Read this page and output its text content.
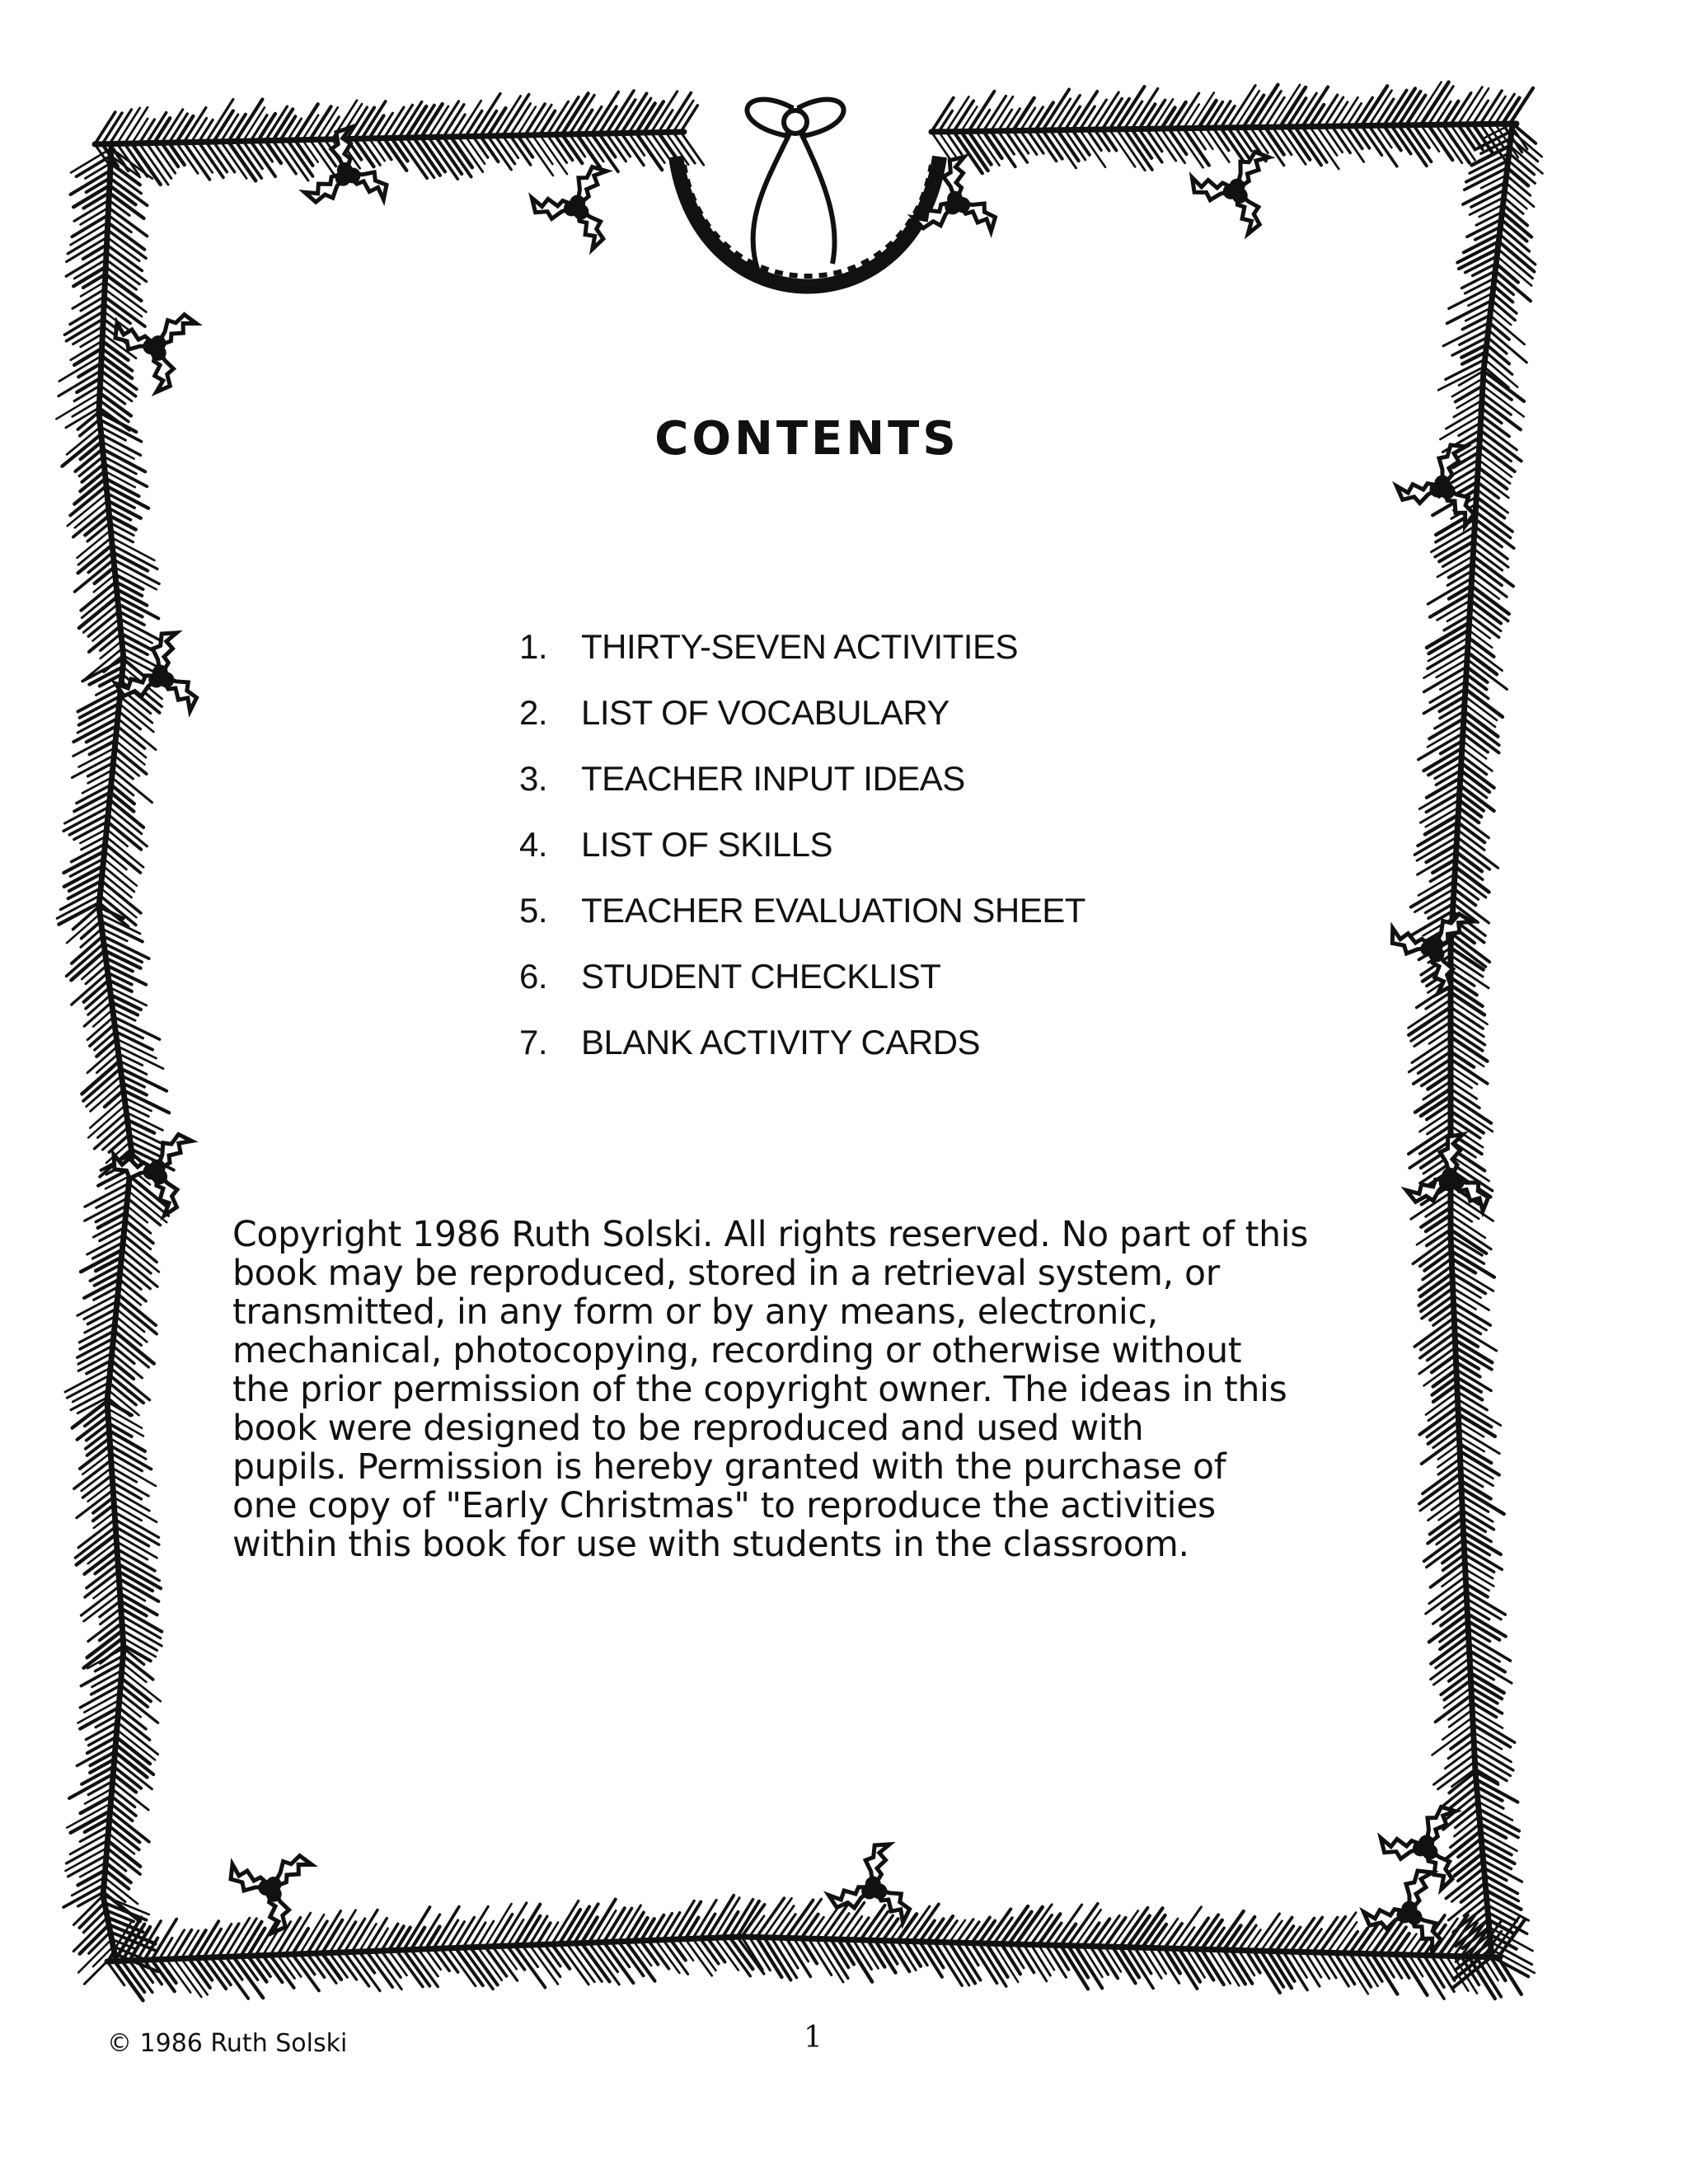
CONTENTS
1. THIRTY-SEVEN ACTIVITIES
2. LIST OF VOCABULARY
3. TEACHER INPUT IDEAS
4. LIST OF SKILLS
5. TEACHER EVALUATION SHEET
6. STUDENT CHECKLIST
7. BLANK ACTIVITY CARDS
Copyright 1986 Ruth Solski. All rights reserved. No part of this
book may be reproduced, stored in a retrieval system, or
transmitted, in any form or by any means, electronic,
mechanical, photocopying, recording or otherwise without
the prior permission of the copyright owner. The ideas in this
book were designed to be reproduced and used with
pupils. Permission is hereby granted with the purchase of
one copy of "Early Christmas" to reproduce the activities
within this book for use with students in the classroom.
© 1986 Ruth Solski	1
